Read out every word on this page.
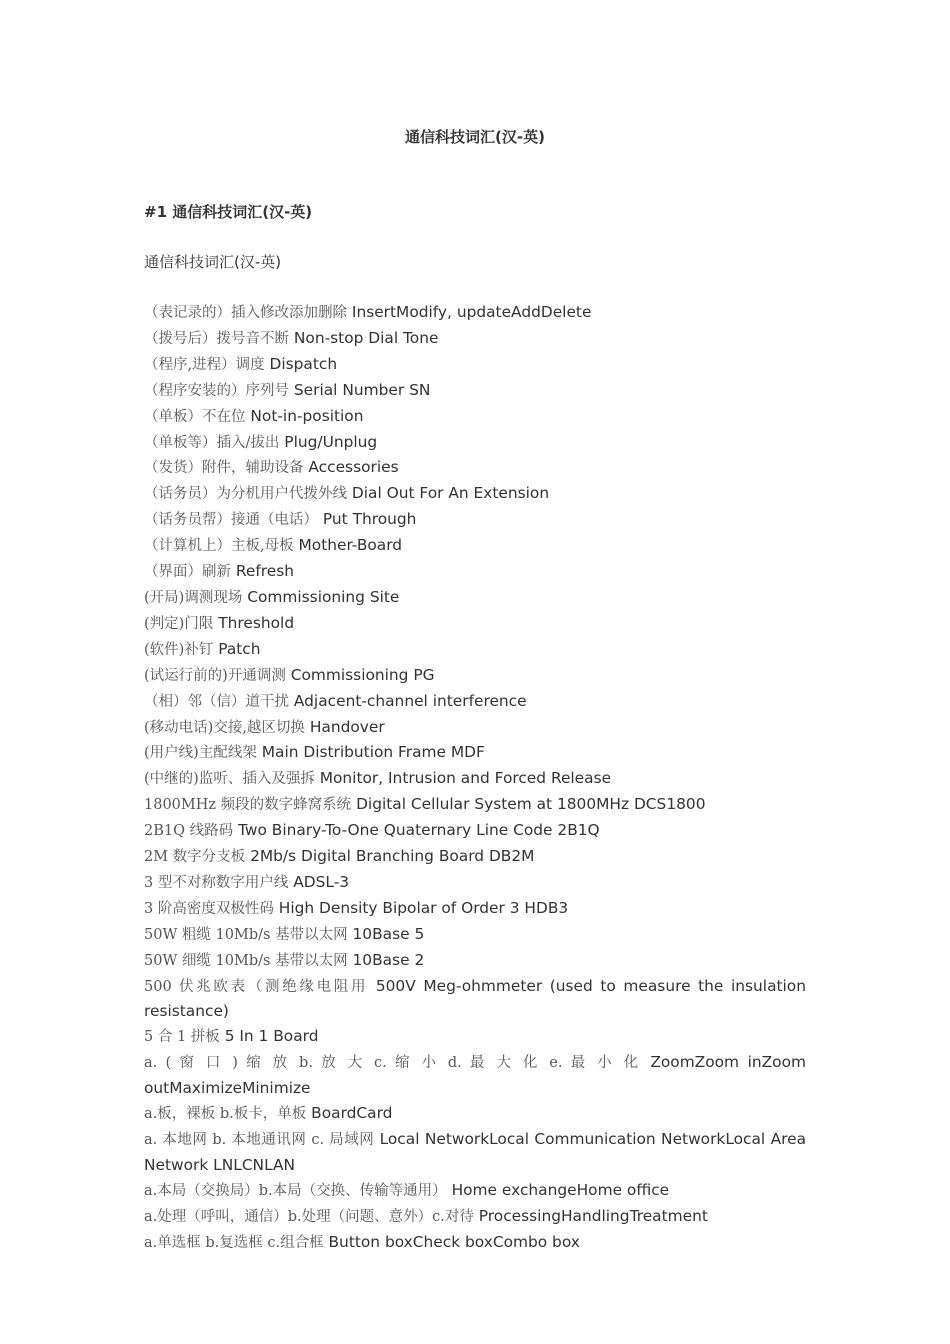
通信科技词汇(汉-英)
#1 通信科技词汇(汉-英)
通信科技词汇(汉-英)
（表记录的）插入修改添加删除 InsertModify, updateAddDelete
（拨号后）拨号音不断 Non-stop Dial Tone
（程序,进程）调度 Dispatch
（程序安装的）序列号 Serial Number SN
（单板）不在位 Not-in-position
（单板等）插入/拔出 Plug/Unplug
（发货）附件，辅助设备 Accessories
（话务员）为分机用户代拨外线 Dial Out For An Extension
（话务员帮）接通（电话） Put Through
（计算机上）主板,母板 Mother-Board
（界面）刷新 Refresh
(开局)调测现场 Commissioning Site
(判定)门限 Threshold
(软件)补钉 Patch
(试运行前的)开通调测 Commissioning PG
（相）邻（信）道干扰 Adjacent-channel interference
(移动电话)交接,越区切换 Handover
(用户线)主配线架 Main Distribution Frame MDF
(中继的)监听、插入及强拆 Monitor, Intrusion and Forced Release
1800MHz 频段的数字蜂窝系统 Digital Cellular System at 1800MHz DCS1800
2B1Q 线路码 Two Binary-To-One Quaternary Line Code 2B1Q
2M 数字分支板 2Mb/s Digital Branching Board DB2M
3 型不对称数字用户线 ADSL-3
3 阶高密度双极性码 High Density Bipolar of Order 3 HDB3
50W 粗缆 10Mb/s 基带以太网 10Base 5
50W 细缆 10Mb/s 基带以太网 10Base 2
500 伏兆欧表（测绝缘电阻用 500V Meg-ohmmeter (used to measure the insulation resistance)
5 合 1 拼板 5 In 1 Board
a. ( 窗 口 ) 缩 放 b. 放 大 c. 缩 小 d. 最 大 化 e. 最 小 化 ZoomZoom inZoom outMaximizeMinimize
a.板，裸板 b.板卡，单板 BoardCard
a. 本地网 b. 本地通讯网 c. 局域网 Local NetworkLocal Communication NetworkLocal Area Network LNLCNLAN
a.本局（交换局）b.本局（交换、传输等通用） Home exchangeHome office
a.处理（呼叫，通信）b.处理（问题、意外）c.对待 ProcessingHandlingTreatment
a.单选框 b.复选框 c.组合框 Button boxCheck boxCombo box
